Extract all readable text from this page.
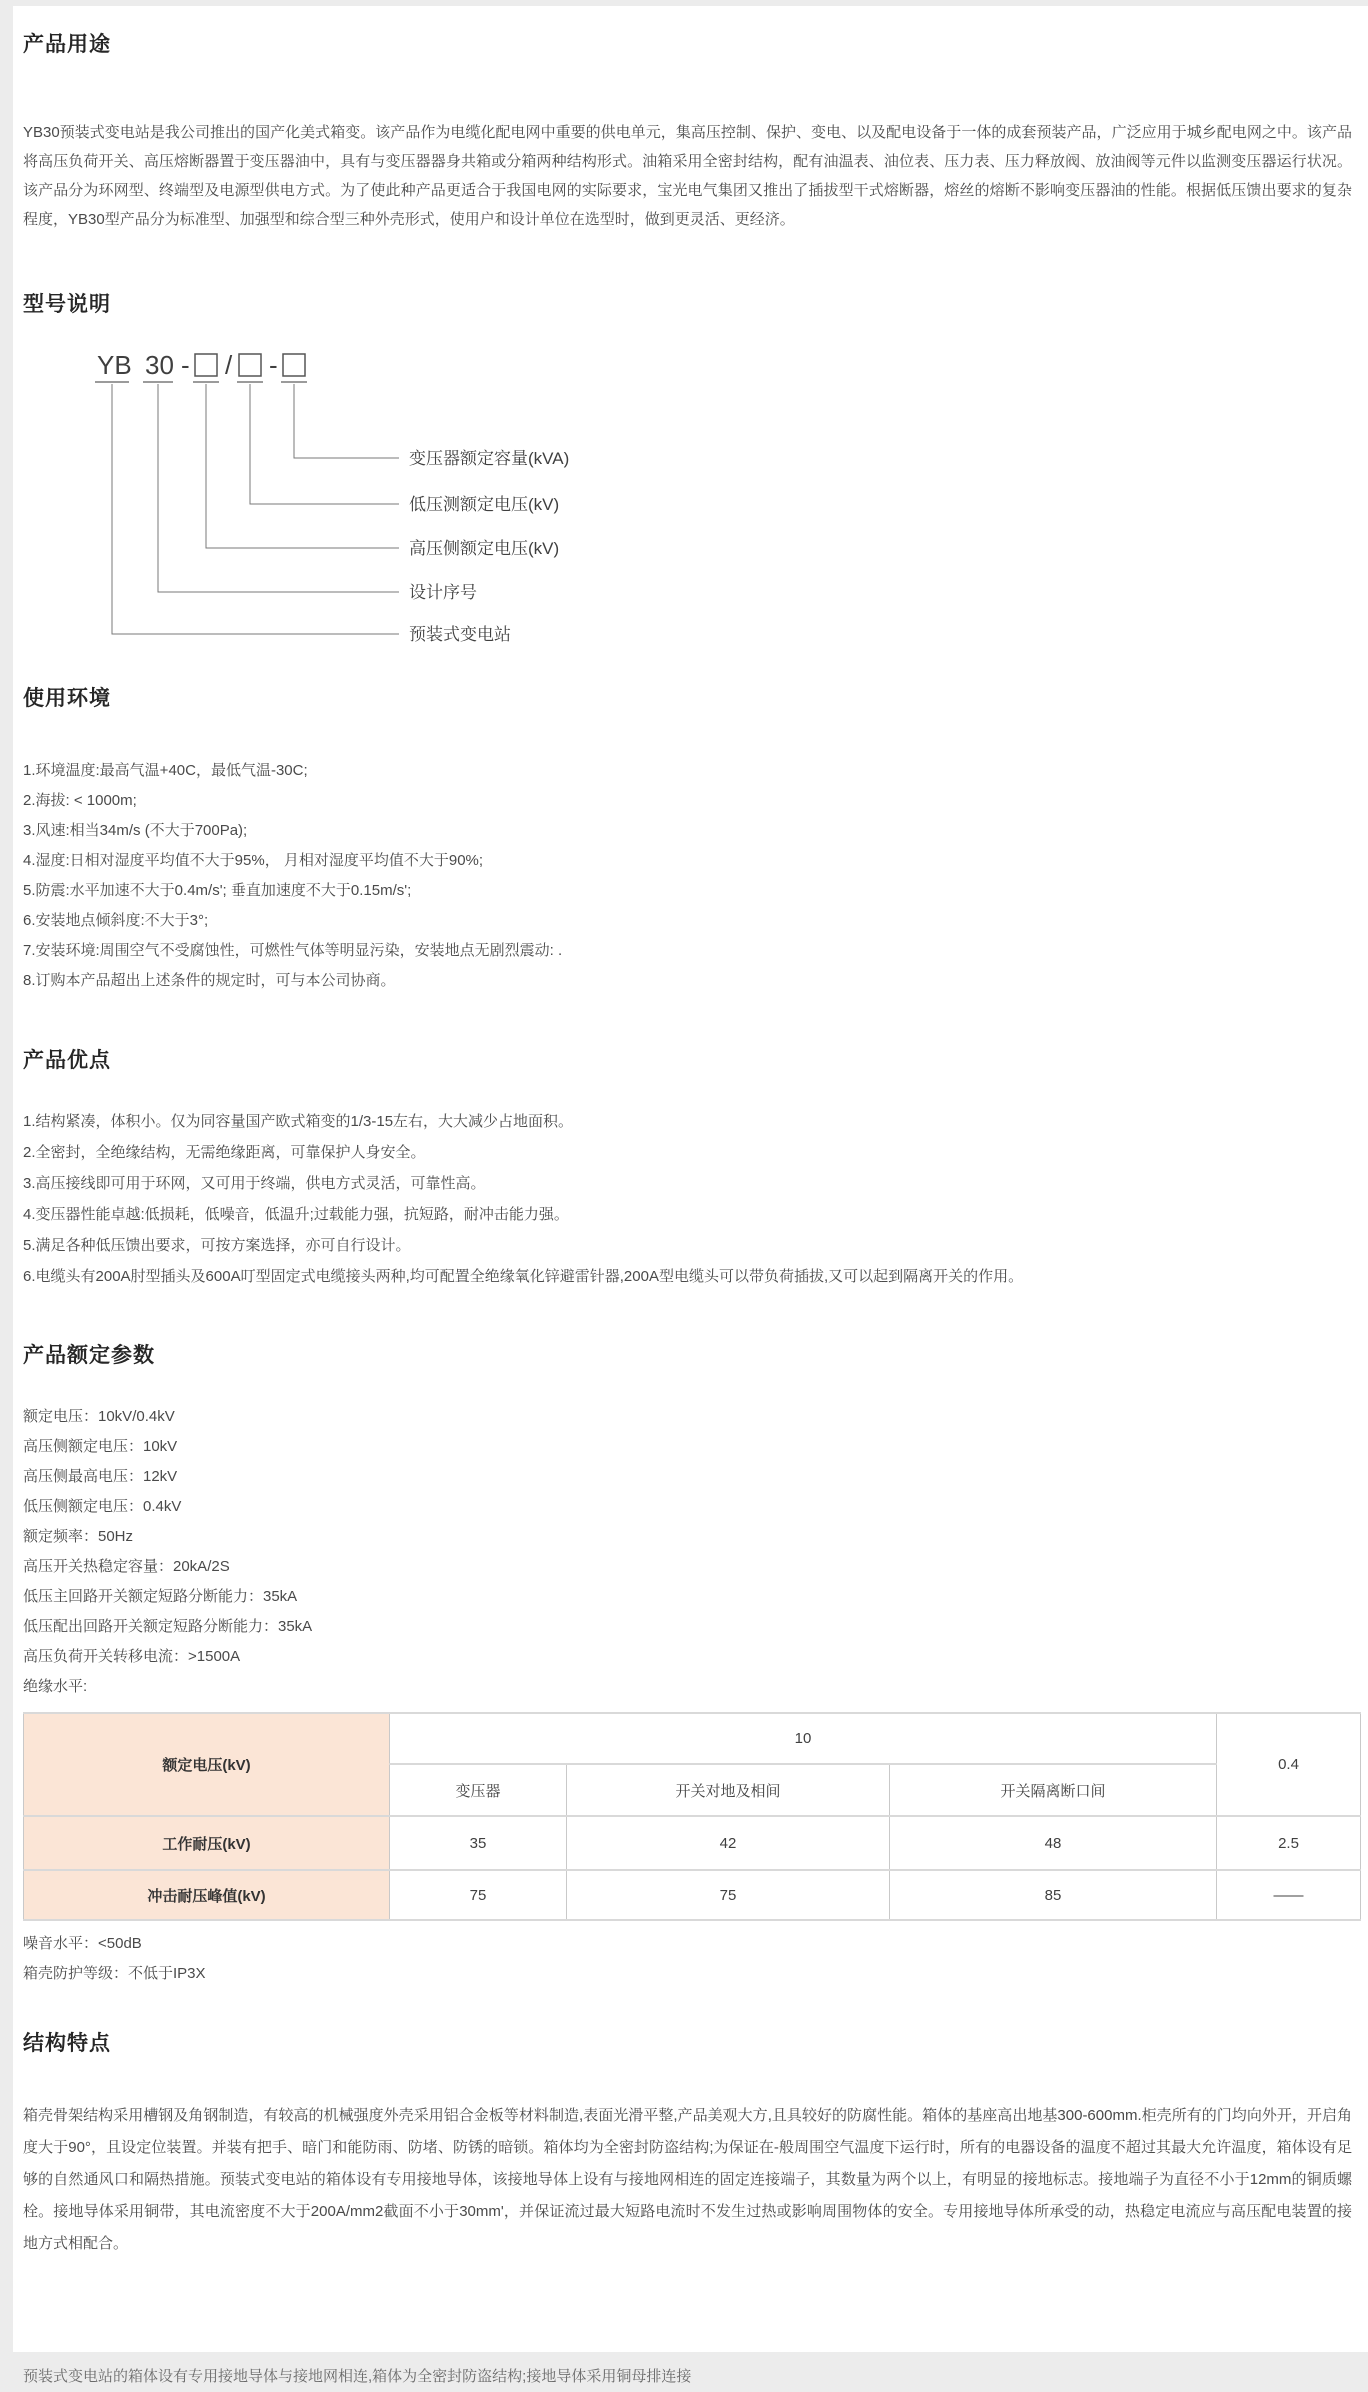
产品用途

YB30预装式变电站是我公司推出的国产化美式箱变。该产品作为电缆化配电网中重要的供电单元，集高压控制、保护、变电、以及配电设备于一体的成套预装产品，广泛应用于城乡配电网之中。该产品将高压负荷开关、高压熔断器置于变压器油中，具有与变压器器身共箱或分箱两种结构形式。油箱采用全密封结构，配有油温表、油位表、压力表、压力释放阀、放油阀等元件以监测变压器运行状况。该产品分为环网型、终端型及电源型供电方式。为了使此种产品更适合于我国电网的实际要求，宝光电气集团又推出了插拔型干式熔断器，熔丝的熔断不影响变压器油的性能。根据低压馈出要求的复杂程度，YB30型产品分为标准型、加强型和综合型三种外壳形式，使用户和设计单位在选型时，做到更灵活、更经济。

型号说明
YB 30 - / -
变压器额定容量(kVA)
低压测额定电压(kV)
高压侧额定电压(kV)
设计序号
预装式变电站
使用环境
1.环境温度:最高气温+40C，最低气温-30C;
2.海拔: < 1000m;
3.风速:相当34m/s (不大于700Pa);
4.湿度:日相对湿度平均值不大于95%， 月相对湿度平均值不大于90%;
5.防震:水平加速不大于0.4m/s'; 垂直加速度不大于0.15m/s';
6.安装地点倾斜度:不大于3°;
7.安装环境:周围空气不受腐蚀性，可燃性气体等明显污染，安装地点无剧烈震动: .
8.订购本产品超出上述条件的规定时，可与本公司协商。
产品优点
1.结构紧凑，体积小。仅为同容量国产欧式箱变的1/3-15左右，大大减少占地面积。
2.全密封，全绝缘结构，无需绝缘距离，可靠保护人身安全。
3.高压接线即可用于环网，又可用于终端，供电方式灵活，可靠性高。
4.变压器性能卓越:低损耗，低噪音，低温升;过载能力强，抗短路，耐冲击能力强。
5.满足各种低压馈出要求，可按方案选择，亦可自行设计。
6.电缆头有200A肘型插头及600A叮型固定式电缆接头两种,均可配置全绝缘氧化锌避雷针器,200A型电缆头可以带负荷插拔,又可以起到隔离开关的作用。
产品额定参数
额定电压：10kV/0.4kV
高压侧额定电压：10kV
高压侧最高电压：12kV
低压侧额定电压：0.4kV
额定频率：50Hz
高压开关热稳定容量：20kA/2S
低压主回路开关额定短路分断能力：35kA
低压配出回路开关额定短路分断能力：35kA
高压负荷开关转移电流：>1500A
绝缘水平:
额定电压(kV)	10			0.4
	变压器	开关对地及相间	开关隔离断口间	
工作耐压(kV)	35	42	48	2.5
冲击耐压峰值(kV)	75	75	85	——
噪音水平：<50dB
箱壳防护等级：不低于IP3X
结构特点

箱壳骨架结构采用槽钢及角钢制造，有较高的机械强度外壳采用铝合金板等材料制造,表面光滑平整,产品美观大方,且具较好的防腐性能。箱体的基座高出地基300-600mm.柜壳所有的门均向外开，开启角度大于90°，且设定位装置。并装有把手、暗门和能防雨、防堵、防锈的暗锁。箱体均为全密封防盗结构;为保证在-般周围空气温度下运行时，所有的电器设备的温度不超过其最大允许温度，箱体设有足够的自然通风口和隔热措施。预装式变电站的箱体设有专用接地导体，该接地导体上设有与接地网相连的固定连接端子，其数量为两个以上，有明显的接地标志。接地端子为直径不小于12mm的铜质螺栓。接地导体采用铜带，其电流密度不大于200A/mm2截面不小于30mm'，并保证流过最大短路电流时不发生过热或影响周围物体的安全。专用接地导体所承受的动，热稳定电流应与高压配电装置的接地方式相配合。

预装式变电站的箱体设有专用接地导体与接地网相连,箱体为全密封防盗结构;接地导体采用铜母排连接
